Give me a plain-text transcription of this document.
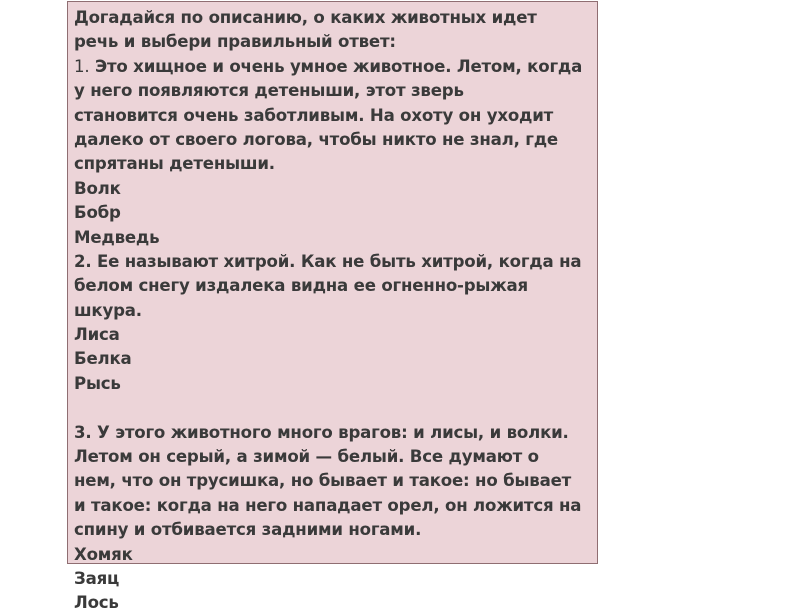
Догадайся по описанию, о каких животных идет
речь и выбери правильный ответ:
1. Это хищное и очень умное животное. Летом, когда
у него появляются детеныши, этот зверь
становится очень заботливым. На охоту он уходит
далеко от своего логова, чтобы никто не знал, где
спрятаны детеныши.
Волк
Бобр
Медведь
2. Ее называют хитрой. Как не быть хитрой, когда на
белом снегу издалека видна ее огненно-рыжая
шкура.
Лиса
Белка
Рысь
3. У этого животного много врагов: и лисы, и волки.
Летом он серый, а зимой — белый. Все думают о
нем, что он трусишка, но бывает и такое: но бывает
и такое: когда на него нападает орел, он ложится на
спину и отбивается задними ногами.
Хомяк
Заяц
Лось
